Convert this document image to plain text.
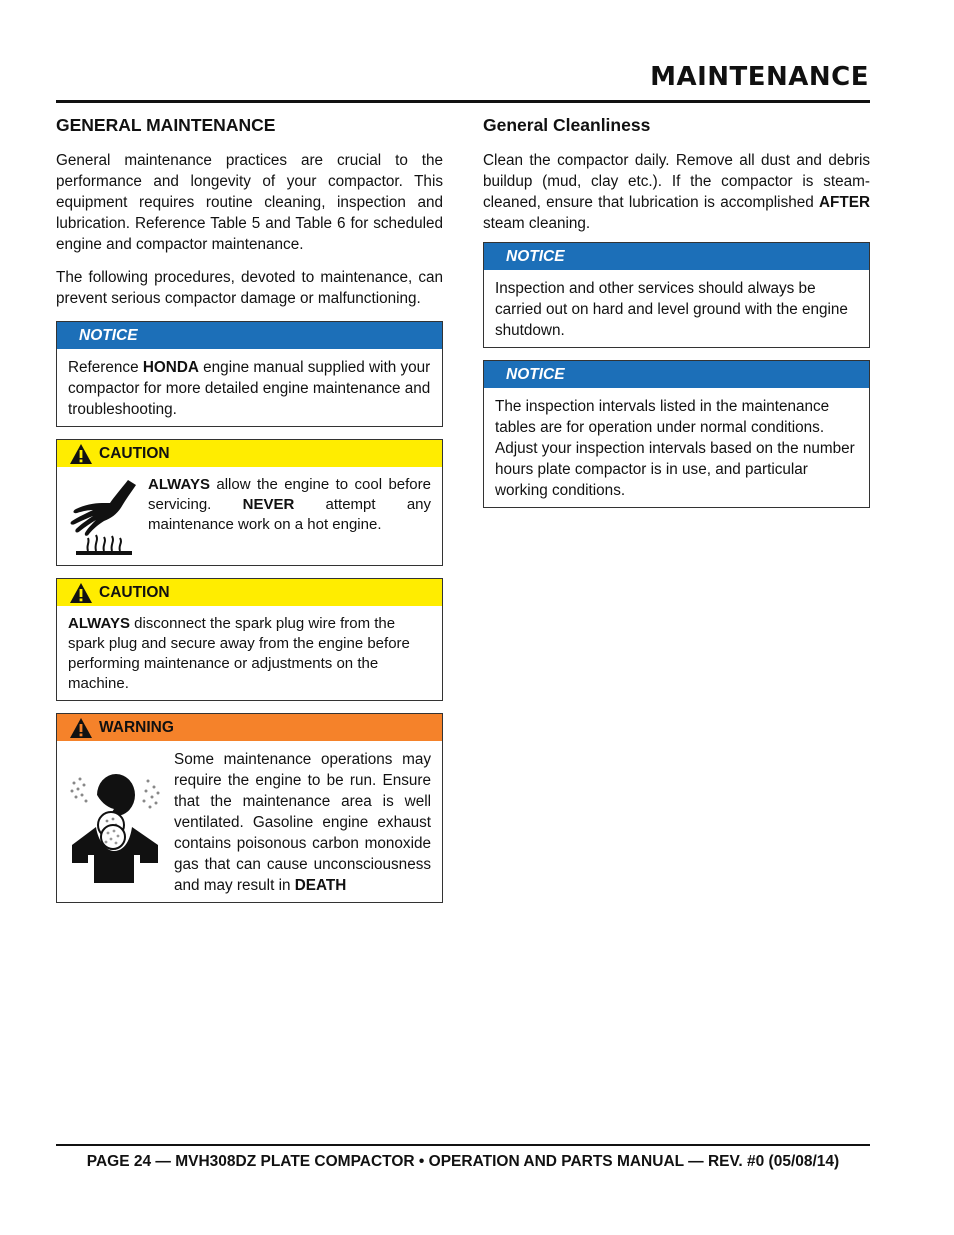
MAINTENANCE
GENERAL MAINTENANCE

General maintenance practices are crucial to the performance and longevity of your compactor. This equipment requires routine cleaning, inspection and lubrication. Reference Table 5 and Table 6 for scheduled engine and compactor maintenance.

The following procedures, devoted to maintenance, can prevent serious compactor damage or malfunctioning.

NOTICE

Reference HONDA engine manual supplied with your compactor for more detailed engine maintenance and troubleshooting.

CAUTION

ALWAYS allow the engine to cool before servicing. NEVER attempt any maintenance work on a hot engine.

CAUTION

ALWAYS disconnect the spark plug wire from the spark plug and secure away from the engine before performing maintenance or adjustments on the machine.

WARNING

Some maintenance operations may require the engine to be run. Ensure that the maintenance area is well ventilated. Gasoline engine exhaust contains poisonous carbon monoxide gas that can cause unconsciousness and may result in DEATH

General Cleanliness

Clean the compactor daily. Remove all dust and debris buildup (mud, clay etc.). If the compactor is steam-cleaned, ensure that lubrication is accomplished AFTER steam cleaning.

NOTICE

Inspection and other services should always be carried out on hard and level ground with the engine shutdown.

NOTICE

The inspection intervals listed in the maintenance tables are for operation under normal conditions. Adjust your inspection intervals based on the number hours plate compactor is in use, and particular working conditions.

PAGE 24 — MVH308DZ PLATE COMPACTOR • OPERATION AND PARTS MANUAL — REV. #0 (05/08/14)
